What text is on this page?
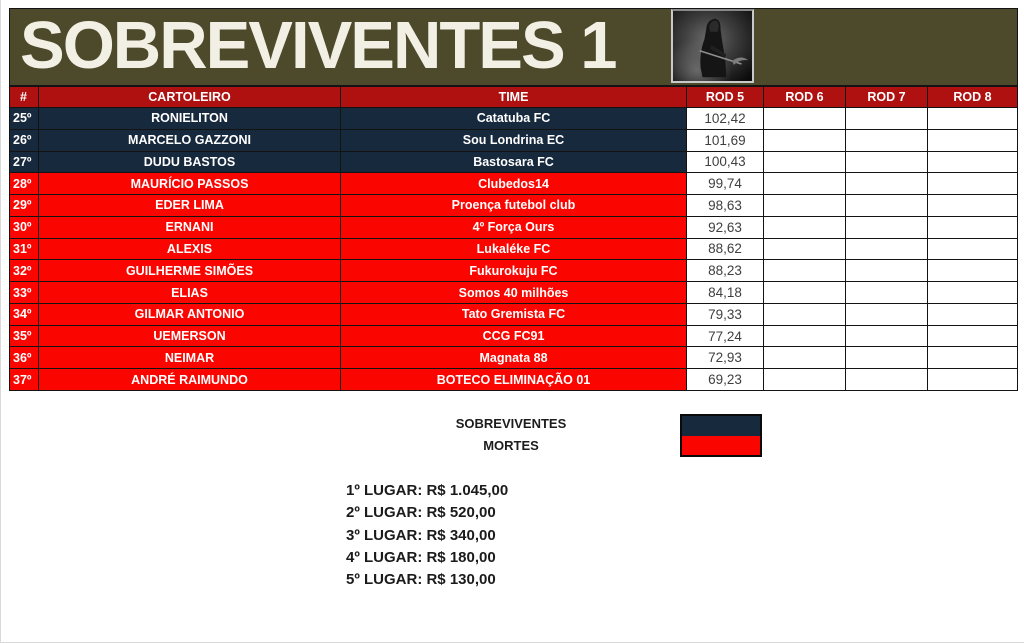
SOBREVIVENTES 1
#	CARTOLEIRO	TIME	ROD 5	ROD 6	ROD 7	ROD 8
25º	RONIELITON	Catatuba FC	102,42
26º	MARCELO GAZZONI	Sou Londrina EC	101,69
27º	DUDU BASTOS	Bastosara FC	100,43
28º	MAURÍCIO PASSOS	Clubedos14	99,74
29º	EDER LIMA	Proença futebol club	98,63
30º	ERNANI	4º Força Ours	92,63
31º	ALEXIS	Lukaléke FC	88,62
32º	GUILHERME SIMÕES	Fukurokuju FC	88,23
33º	ELIAS	Somos 40 milhões	84,18
34º	GILMAR ANTONIO	Tato Gremista FC	79,33
35º	UEMERSON	CCG FC91	77,24
36º	NEIMAR	Magnata 88	72,93
37º	ANDRÉ RAIMUNDO	BOTECO ELIMINAÇÃO 01	69,23
SOBREVIVENTES
MORTES
1º LUGAR: R$ 1.045,00
2º LUGAR: R$ 520,00
3º LUGAR: R$ 340,00
4º LUGAR: R$ 180,00
5º LUGAR: R$ 130,00
